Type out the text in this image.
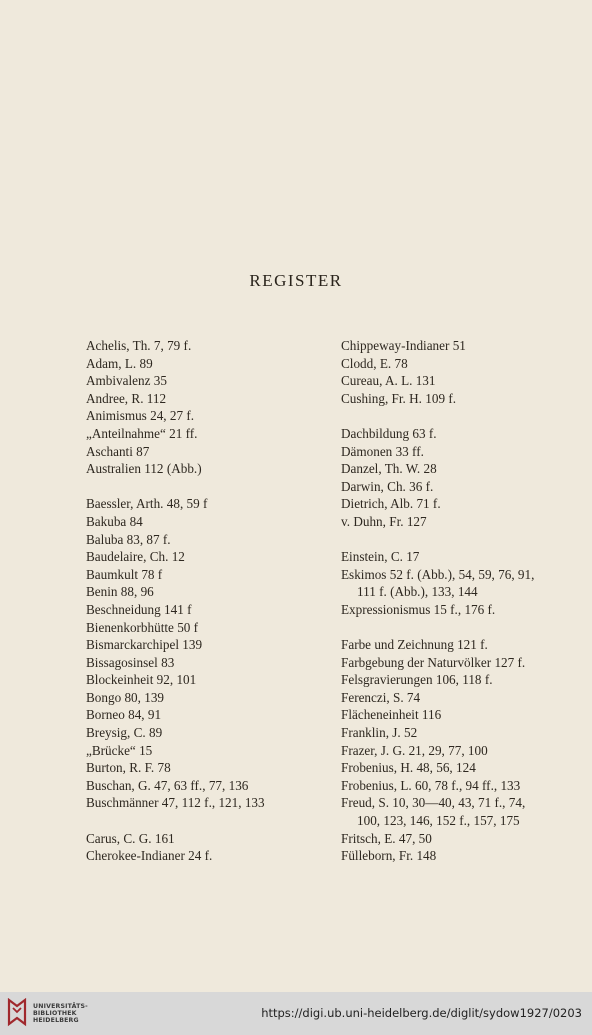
REGISTER
Achelis, Th. 7, 79 f.
Adam, L. 89
Ambivalenz 35
Andree, R. 112
Animismus 24, 27 f.
„Anteilnahme“ 21 ff.
Aschanti 87
Australien 112 (Abb.)
Baessler, Arth. 48, 59 f
Bakuba 84
Baluba 83, 87 f.
Baudelaire, Ch. 12
Baumkult 78 f
Benin 88, 96
Beschneidung 141 f
Bienenkorbhütte 50 f
Bismarckarchipel 139
Bissagosinsel 83
Blockeinheit 92, 101
Bongo 80, 139
Borneo 84, 91
Breysig, C. 89
„Brücke“ 15
Burton, R. F. 78
Buschan, G. 47, 63 ff., 77, 136
Buschmänner 47, 112 f., 121, 133
Carus, C. G. 161
Cherokee-Indianer 24 f.
Chippeway-Indianer 51
Clodd, E. 78
Cureau, A. L. 131
Cushing, Fr. H. 109 f.
Dachbildung 63 f.
Dämonen 33 ff.
Danzel, Th. W. 28
Darwin, Ch. 36 f.
Dietrich, Alb. 71 f.
v. Duhn, Fr. 127
Einstein, C. 17
Eskimos 52 f. (Abb.), 54, 59, 76, 91,
111 f. (Abb.), 133, 144
Expressionismus 15 f., 176 f.
Farbe und Zeichnung 121 f.
Farbgebung der Naturvölker 127 f.
Felsgravierungen 106, 118 f.
Ferenczi, S. 74
Flächeneinheit 116
Franklin, J. 52
Frazer, J. G. 21, 29, 77, 100
Frobenius, H. 48, 56, 124
Frobenius, L. 60, 78 f., 94 ff., 133
Freud, S. 10, 30—40, 43, 71 f., 74,
100, 123, 146, 152 f., 157, 175
Fritsch, E. 47, 50
Fülleborn, Fr. 148
UNIVERSITÄTS-
BIBLIOTHEK
HEIDELBERG
https://digi.ub.uni-heidelberg.de/diglit/sydow1927/0203
